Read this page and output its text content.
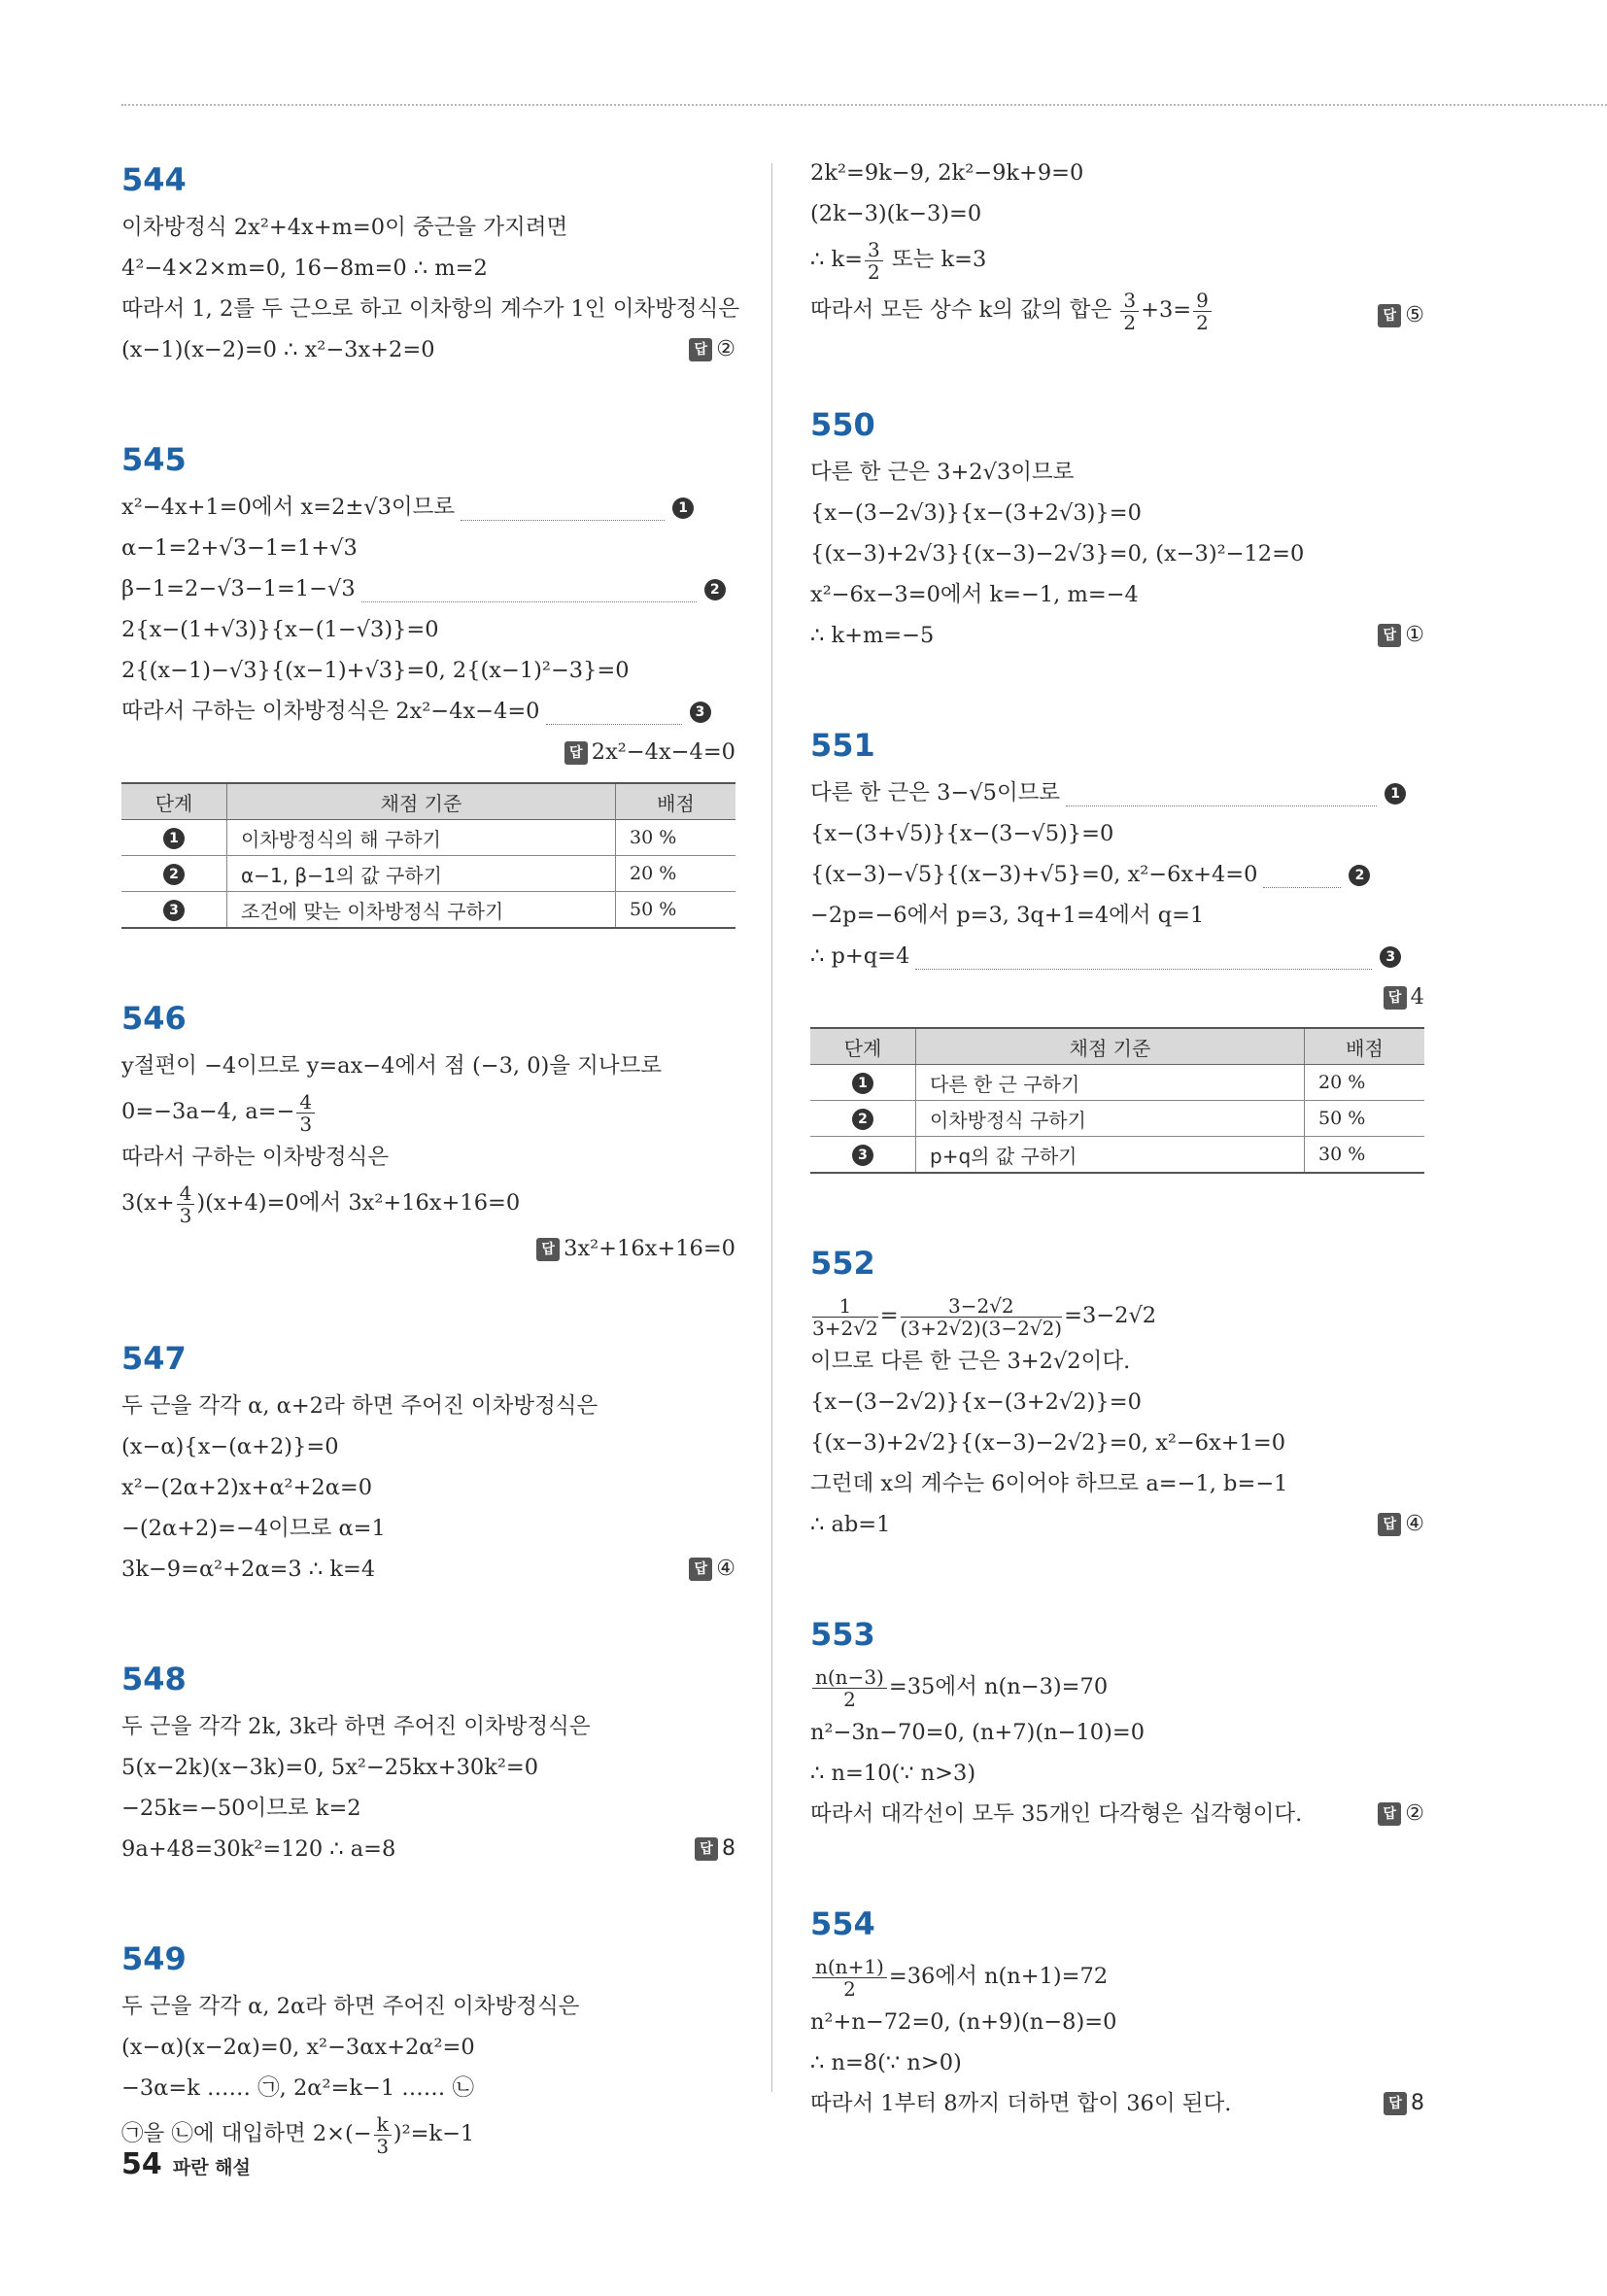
544
이차방정식 2x²+4x+m=0이 중근을 가지려면
4²−4×2×m=0, 16−8m=0 ∴ m=2
따라서 1, 2를 두 근으로 하고 이차항의 계수가 1인 이차방정식은
(x−1)(x−2)=0 ∴ x²−3x+2=0	답 ②
545
x²−4x+1=0에서 x=2±√3이므로	1
α−1=2+√3−1=1+√3
β−1=2−√3−1=1−√3	2
2{x−(1+√3)}{x−(1−√3)}=0
2{(x−1)−√3}{(x−1)+√3}=0, 2{(x−1)²−3}=0
따라서 구하는 이차방정식은 2x²−4x−4=0	3
답 2x²−4x−4=0
단계	채점 기준	배점
1	이차방정식의 해 구하기	30 %
2	α−1, β−1의 값 구하기	20 %
3	조건에 맞는 이차방정식 구하기	50 %
546
y절편이 −4이므로 y=ax−4에서 점 (−3, 0)을 지나므로
0=−3a−4, $a=- \frac{4}{3}$
따라서 구하는 이차방정식은
$3(x+ \frac{4}{3} )(x+4)=0$에서 3x²+16x+16=0
답 3x²+16x+16=0
547
두 근을 각각 α, α+2라 하면 주어진 이차방정식은
(x−α){x−(α+2)}=0
x²−(2α+2)x+α²+2α=0
−(2α+2)=−4이므로 α=1
3k−9=α²+2α=3 ∴ k=4	답 ④
548
두 근을 각각 2k, 3k라 하면 주어진 이차방정식은
5(x−2k)(x−3k)=0, 5x²−25kx+30k²=0
−25k=−50이므로 k=2
9a+48=30k²=120 ∴ a=8	답 8
549
두 근을 각각 α, 2α라 하면 주어진 이차방정식은
(x−α)(x−2α)=0, x²−3αx+2α²=0
−3α=k …… ㉠, 2α²=k−1 …… ㉡
㉠을 ㉡에 대입하면 $2\times(- \frac{k}{3} )^2=k-1$
2k²=9k−9, 2k²−9k+9=0
(2k−3)(k−3)=0
∴ $k= \frac{3}{2}$ 또는 k=3
따라서 모든 상수 k의 값의 합은 $\frac{3}{2} +3= \frac{9}{2}$	답 ⑤
550
다른 한 근은 3+2√3이므로
{x−(3−2√3)}{x−(3+2√3)}=0
{(x−3)+2√3}{(x−3)−2√3}=0, (x−3)²−12=0
x²−6x−3=0에서 k=−1, m=−4
∴ k+m=−5	답 ①
551
다른 한 근은 3−√5이므로	1
{x−(3+√5)}{x−(3−√5)}=0
{(x−3)−√5}{(x−3)+√5}=0, x²−6x+4=0	2
−2p=−6에서 p=3, 3q+1=4에서 q=1
∴ p+q=4	3
답 4
단계	채점 기준	배점
1	다른 한 근 구하기	20 %
2	이차방정식 구하기	50 %
3	p+q의 값 구하기	30 %
552
$\frac{1}{3+2√2} = \frac{3-2√2}{(3+2√2)(3-2√2)} =3-2√2$
이므로 다른 한 근은 3+2√2이다.
{x−(3−2√2)}{x−(3+2√2)}=0
{(x−3)+2√2}{(x−3)−2√2}=0, x²−6x+1=0
그런데 x의 계수는 6이어야 하므로 a=−1, b=−1
∴ ab=1	답 ④
553
$\frac{n(n-3)}{2} =35$에서 n(n−3)=70
n²−3n−70=0, (n+7)(n−10)=0
∴ n=10(∵ n>3)
따라서 대각선이 모두 35개인 다각형은 십각형이다.	답 ②
554
$\frac{n(n+1)}{2} =36$에서 n(n+1)=72
n²+n−72=0, (n+9)(n−8)=0
∴ n=8(∵ n>0)
따라서 1부터 8까지 더하면 합이 36이 된다.	답 8
54 파란 해설
